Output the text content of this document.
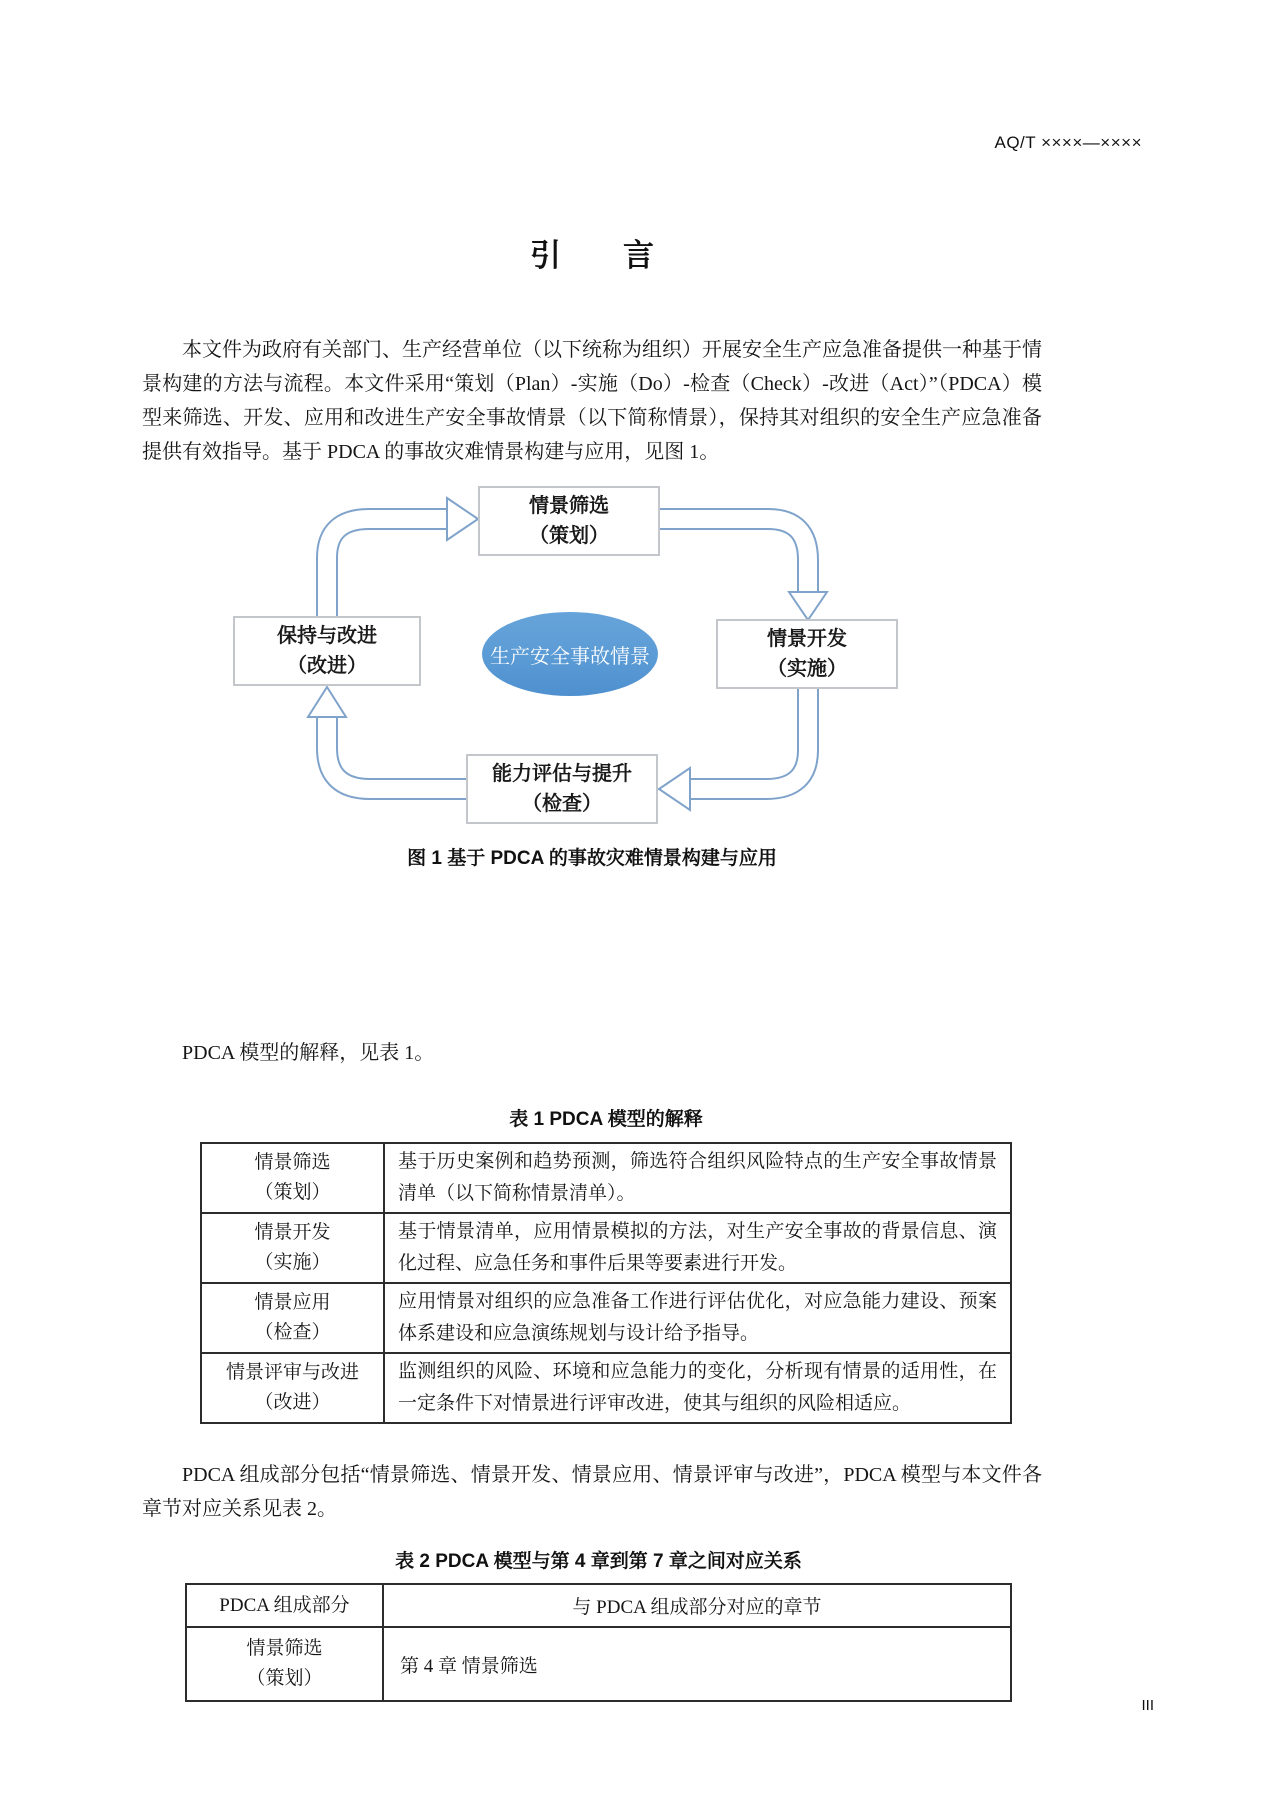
AQ/T ××××—××××
引　　言

本文件为政府有关部门、生产经营单位（以下统称为组织）开展安全生产应急准备提供一种基于情景构建的方法与流程。本文件采用“策划（Plan）-实施（Do）-检查（Check）-改进（Act）”（PDCA）模型来筛选、开发、应用和改进生产安全事故情景（以下简称情景），保持其对组织的安全生产应急准备提供有效指导。基于 PDCA 的事故灾难情景构建与应用，见图 1。

情景筛选
（策划）
情景开发
（实施）
能力评估与提升
（检查）
保持与改进
（改进）	生产安全事故情景
图 1 基于 PDCA 的事故灾难情景构建与应用

PDCA 模型的解释，见表 1。

表 1 PDCA 模型的解释
情景筛选
（策划）	基于历史案例和趋势预测，筛选符合组织风险特点的生产安全事故情景清单（以下简称情景清单）。

情景开发
（实施）	基于情景清单，应用情景模拟的方法，对生产安全事故的背景信息、演化过程、应急任务和事件后果等要素进行开发。

情景应用
（检查）	应用情景对组织的应急准备工作进行评估优化，对应急能力建设、预案体系建设和应急演练规划与设计给予指导。

情景评审与改进
（改进）	监测组织的风险、环境和应急能力的变化，分析现有情景的适用性，在一定条件下对情景进行评审改进，使其与组织的风险相适应。

PDCA 组成部分包括“情景筛选、情景开发、情景应用、情景评审与改进”，PDCA 模型与本文件各章节对应关系见表 2。

表 2 PDCA 模型与第 4 章到第 7 章之间对应关系
PDCA 组成部分	与 PDCA 组成部分对应的章节

情景筛选
（策划）	第 4 章 情景筛选
III
